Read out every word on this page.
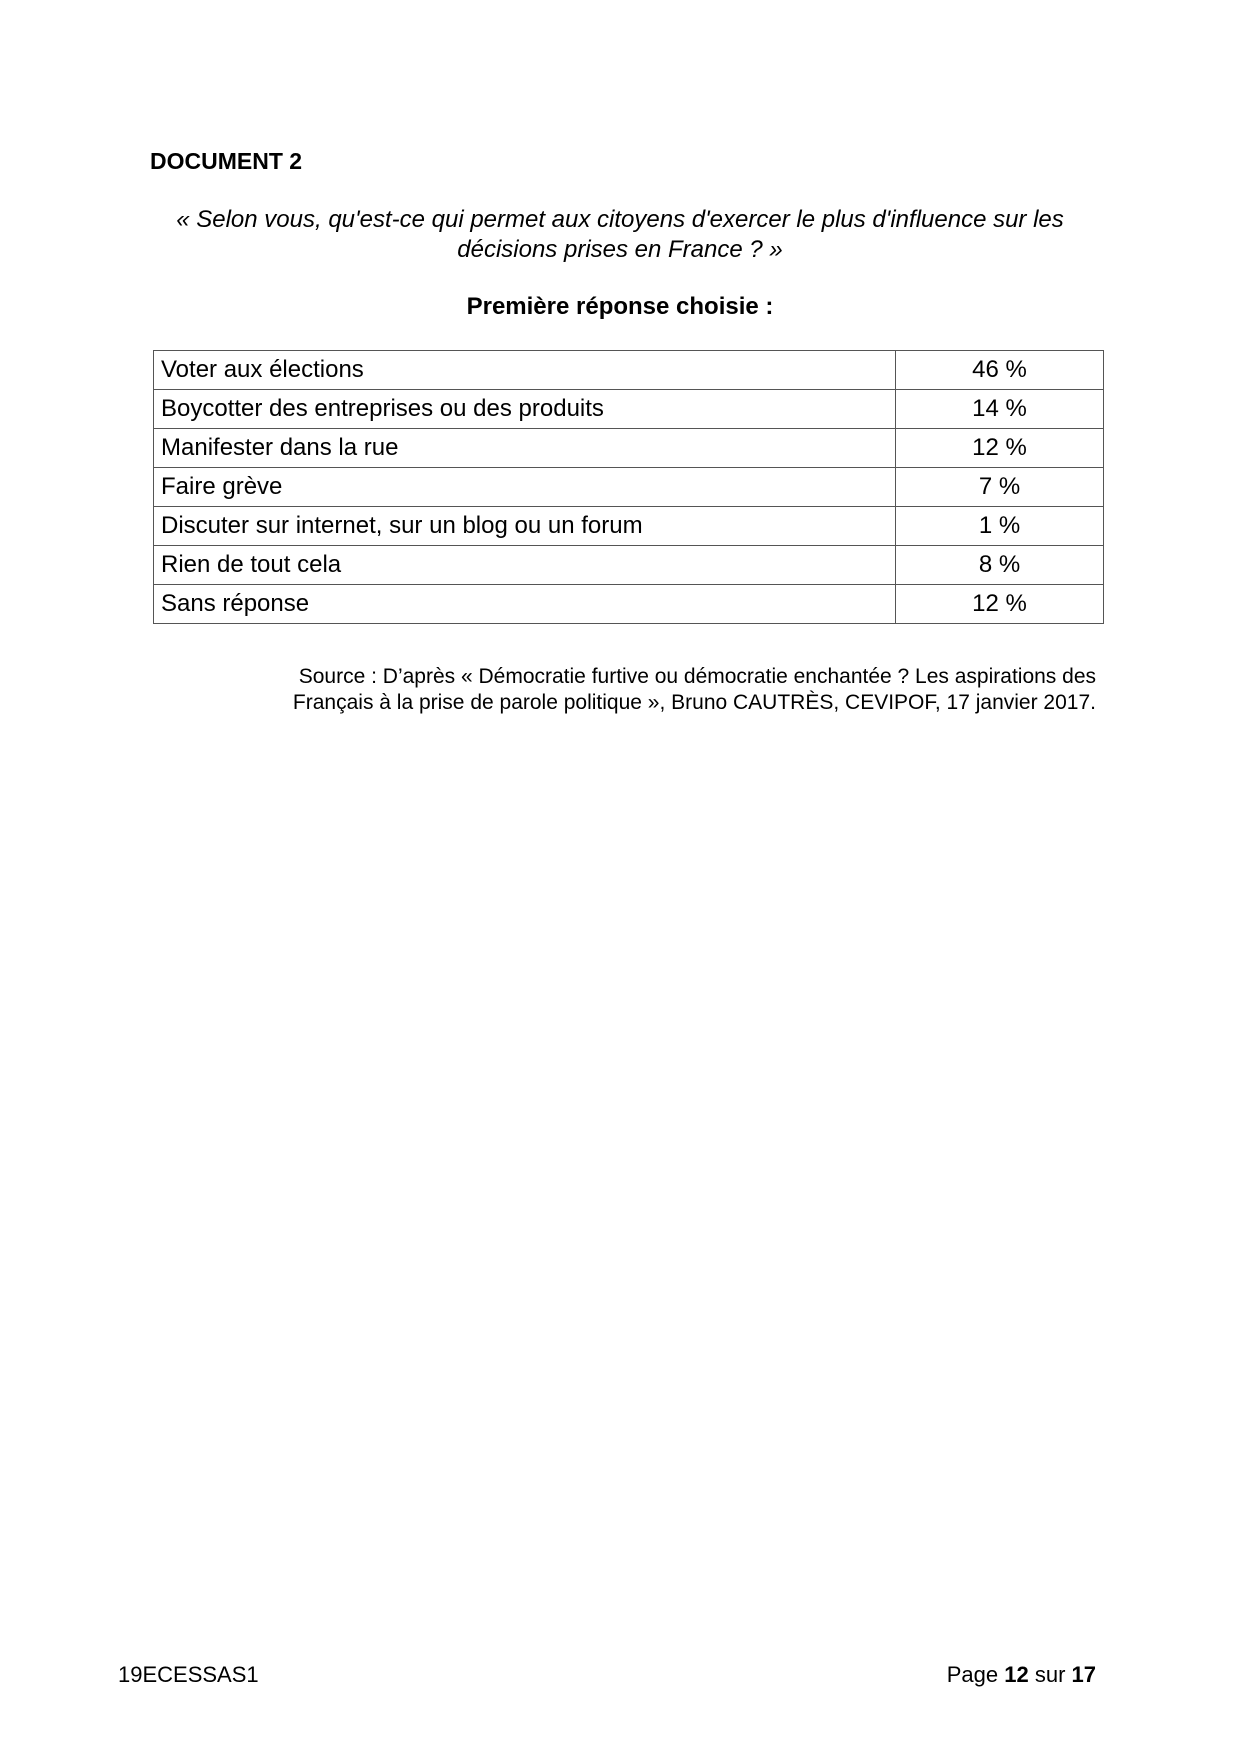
DOCUMENT 2

« Selon vous, qu'est-ce qui permet aux citoyens d'exercer le plus d'influence sur les
décisions prises en France ? »

Première réponse choisie :

Voter aux élections	46 %
Boycotter des entreprises ou des produits	14 %
Manifester dans la rue	12 %
Faire grève	7 %
Discuter sur internet, sur un blog ou un forum	1 %
Rien de tout cela	8 %
Sans réponse	12 %

Source : D’après « Démocratie furtive ou démocratie enchantée ? Les aspirations des
Français à la prise de parole politique », Bruno CAUTRÈS, CEVIPOF, 17 janvier 2017.

19ECESSAS1	Page 12 sur 17
